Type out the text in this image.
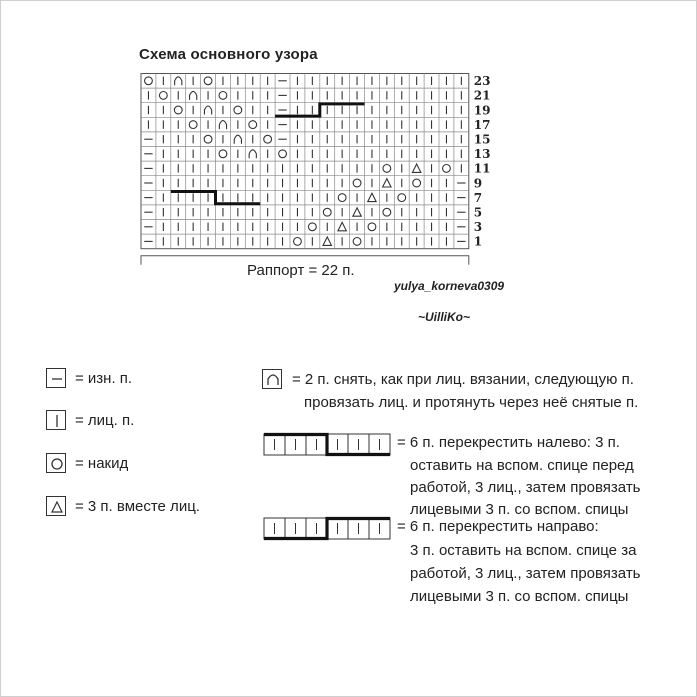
Схема основного узора
23
21
19
17
15
13
11
9
7
5
3
1
Раппорт = 22 п.
yulya_korneva0309
~UilliKo~
= изн. п.
= лиц. п.
= накид
= 3 п. вместе лиц.
= 2 п. снять, как при лиц. вязании, следующую п.
провязать лиц. и протянуть через неё снятые п.
= 6 п. перекрестить налево: 3 п.
оставить на вспом. спице перед
работой, 3 лиц., затем провязать
лицевыми 3 п. со вспом. спицы
= 6 п. перекрестить направо:
3 п. оставить на вспом. спице за
работой, 3 лиц., затем провязать
лицевыми 3 п. со вспом. спицы
